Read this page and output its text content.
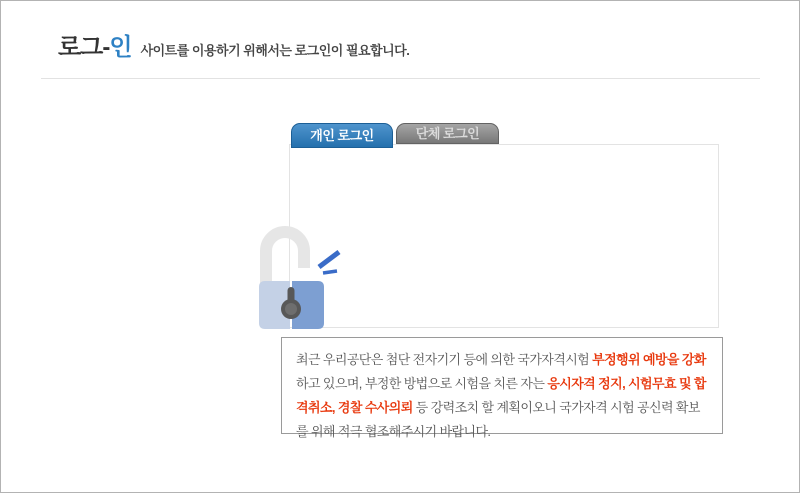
로그-인 사이트를 이용하기 위해서는 로그인이 필요합니다.
개인 로그인	단체 로그인
최근 우리공단은 첨단 전자기기 등에 의한 국가자격시험 부정행위 예방을 강화하고 있으며, 부정한 방법으로 시험을 치른 자는 응시자격 정지, 시험무효 및 합격취소, 경찰 수사의뢰 등 강력조치 할 계획이오니 국가자격 시험 공신력 확보를 위해 적극 협조해주시기 바랍니다.
